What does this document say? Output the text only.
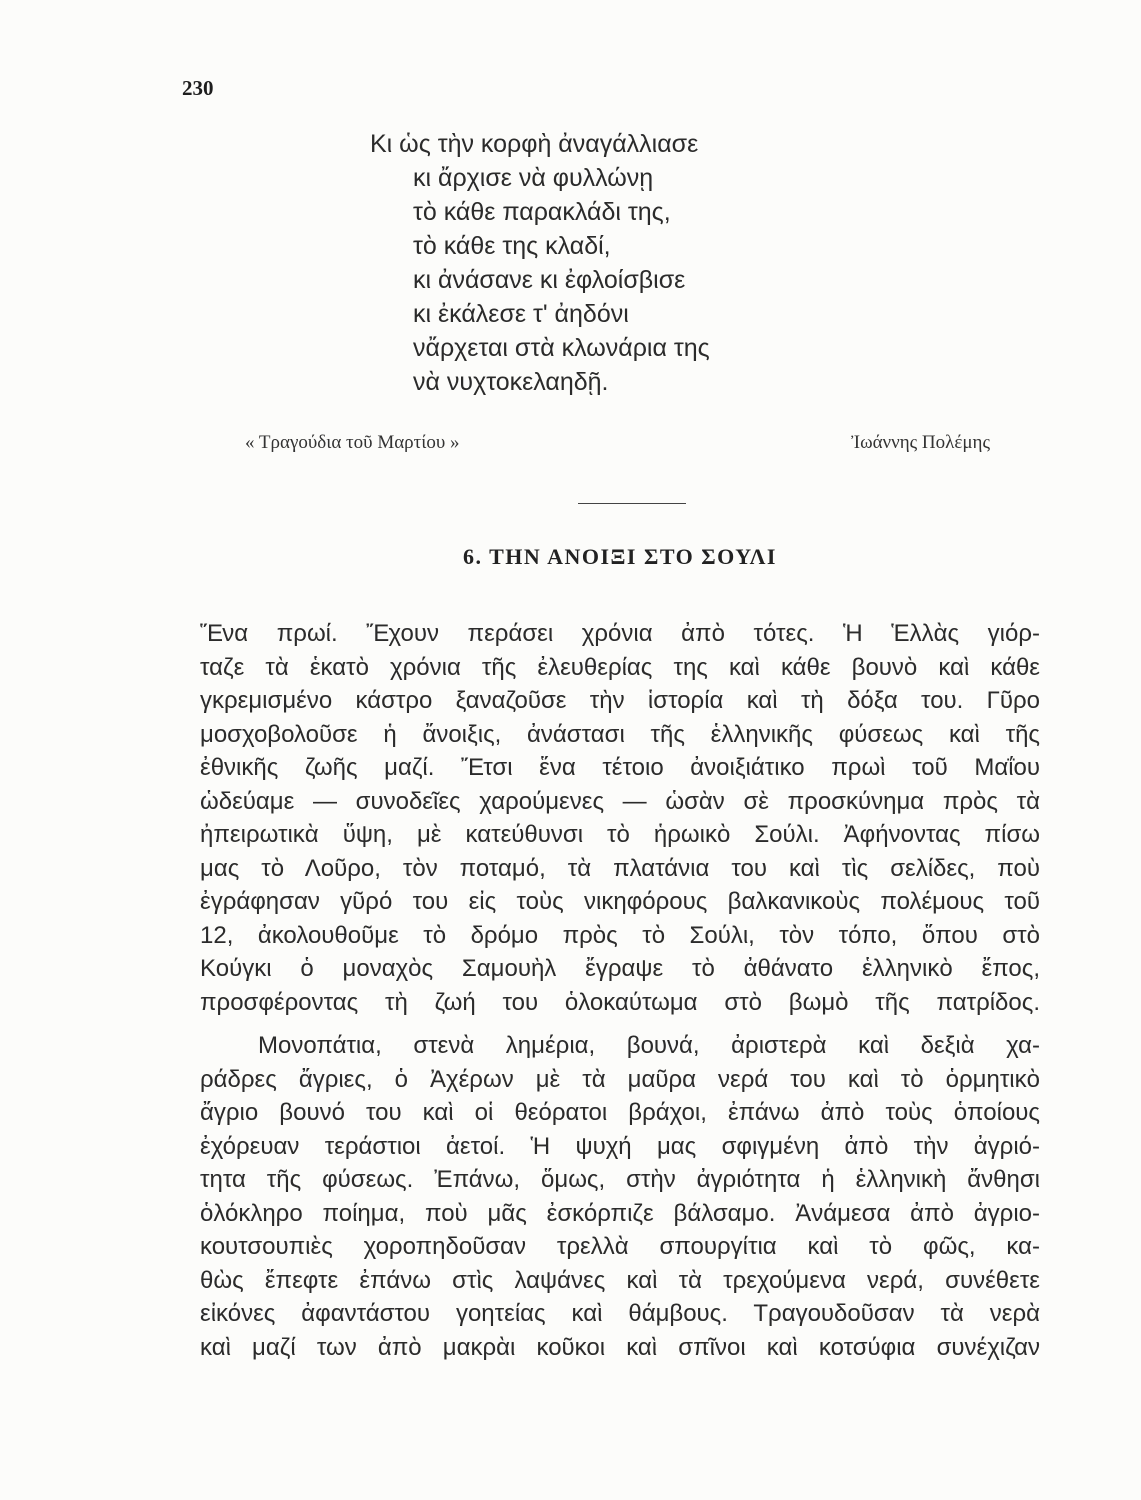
230
Κι ὡς τὴν κορφὴ ἀναγάλλιασε
κι ἄρχισε νὰ φυλλώνῃ
τὸ κάθε παρακλάδι της,
τὸ κάθε της κλαδί,
κι ἀνάσανε κι ἐφλοίσβισε
κι ἐκάλεσε τ' ἀηδόνι
νἄρχεται στὰ κλωνάρια της
νὰ νυχτοκελαηδῇ.
« Τραγούδια τοῦ Μαρτίου »	Ἰωάννης Πολέμης
6. ΤΗΝ ΑΝΟΙΞΙ ΣΤΟ ΣΟΥΛΙ
Ἕνα πρωί. Ἔχουν περάσει χρόνια ἀπὸ τότες. Ἡ Ἑλλὰς γιόρ-
ταζε τὰ ἑκατὸ χρόνια τῆς ἐλευθερίας της καὶ κάθε βουνὸ καὶ κάθε
γκρεμισμένο κάστρο ξαναζοῦσε τὴν ἱστορία καὶ τὴ δόξα του. Γῦρο
μοσχοβολοῦσε ἡ ἄνοιξις, ἀνάστασι τῆς ἑλληνικῆς φύσεως καὶ τῆς
ἐθνικῆς ζωῆς μαζί. Ἔτσι ἕνα τέτοιο ἀνοιξιάτικο πρωὶ τοῦ Μαΐου
ὡδεύαμε — συνοδεῖες χαρούμενες — ὡσὰν σὲ προσκύνημα πρὸς τὰ
ἠπειρωτικὰ ὕψη, μὲ κατεύθυνσι τὸ ἡρωικὸ Σούλι. Ἀφήνοντας πίσω
μας τὸ Λοῦρο, τὸν ποταμό, τὰ πλατάνια του καὶ τὶς σελίδες, ποὺ
ἐγράφησαν γῦρό του εἰς τοὺς νικηφόρους βαλκανικοὺς πολέμους τοῦ
12, ἀκολουθοῦμε τὸ δρόμο πρὸς τὸ Σούλι, τὸν τόπο, ὅπου στὸ
Κούγκι ὁ μοναχὸς Σαμουὴλ ἔγραψε τὸ ἀθάνατο ἑλληνικὸ ἔπος,
προσφέροντας τὴ ζωή του ὁλοκαύτωμα στὸ βωμὸ τῆς πατρίδος.
Μονοπάτια, στενὰ λημέρια, βουνά, ἀριστερὰ καὶ δεξιὰ χα-
ράδρες ἄγριες, ὁ Ἀχέρων μὲ τὰ μαῦρα νερά του καὶ τὸ ὁρμητικὸ
ἄγριο βουνό του καὶ οἱ θεόρατοι βράχοι, ἐπάνω ἀπὸ τοὺς ὁποίους
ἐχόρευαν τεράστιοι ἀετοί. Ἡ ψυχή μας σφιγμένη ἀπὸ τὴν ἀγριό-
τητα τῆς φύσεως. Ἐπάνω, ὅμως, στὴν ἀγριότητα ἡ ἑλληνικὴ ἄνθησι
ὁλόκληρο ποίημα, ποὺ μᾶς ἐσκόρπιζε βάλσαμο. Ἀνάμεσα ἀπὸ ἀγριο-
κουτσουπιὲς χοροπηδοῦσαν τρελλὰ σπουργίτια καὶ τὸ φῶς, κα-
θὼς ἔπεφτε ἐπάνω στὶς λαψάνες καὶ τὰ τρεχούμενα νερά, συνέθετε
εἰκόνες ἀφαντάστου γοητείας καὶ θάμβους. Τραγουδοῦσαν τὰ νερὰ
καὶ μαζί των ἀπὸ μακρὰι κοῦκοι καὶ σπῖνοι καὶ κοτσύφια συνέχιζαν
